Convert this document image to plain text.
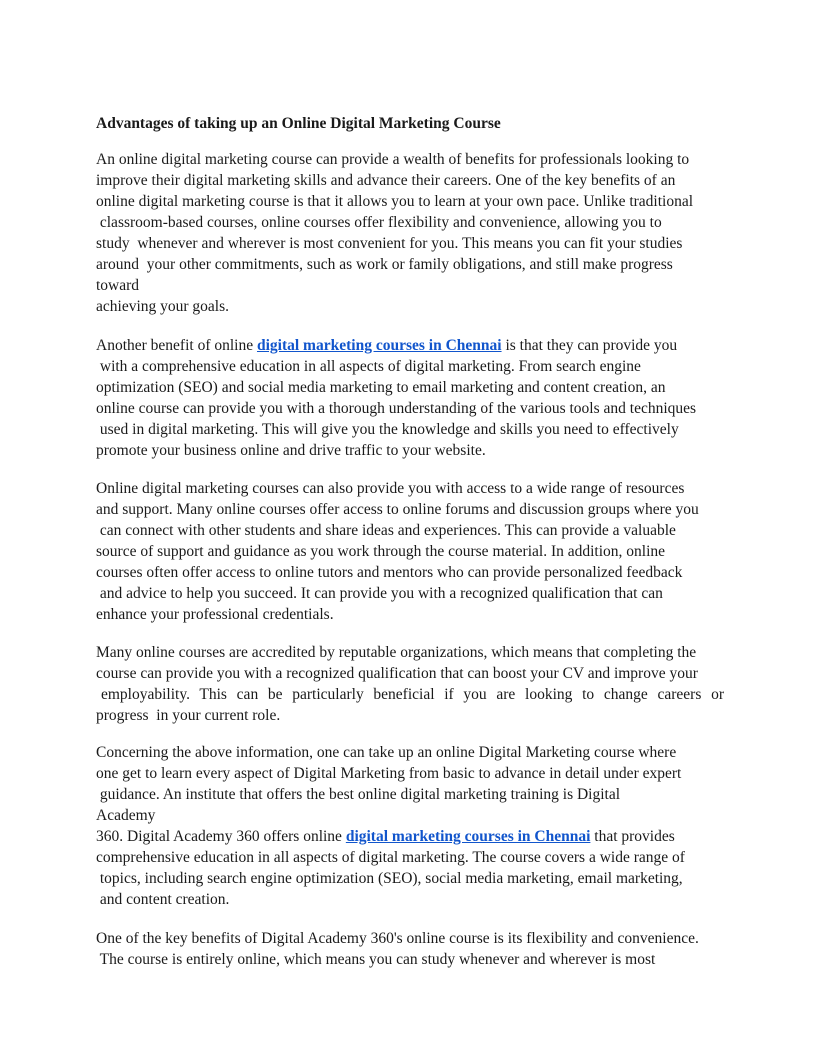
Advantages of taking up an Online Digital Marketing Course
An online digital marketing course can provide a wealth of benefits for professionals looking to
improve their digital marketing skills and advance their careers. One of the key benefits of an
online digital marketing course is that it allows you to learn at your own pace. Unlike traditional
classroom-based courses, online courses offer flexibility and convenience, allowing you to
study  whenever and wherever is most convenient for you. This means you can fit your studies
around  your other commitments, such as work or family obligations, and still make progress
toward
achieving your goals.
Another benefit of online digital marketing courses in Chennai is that they can provide you
with a comprehensive education in all aspects of digital marketing. From search engine
optimization (SEO) and social media marketing to email marketing and content creation, an
online course can provide you with a thorough understanding of the various tools and techniques
used in digital marketing. This will give you the knowledge and skills you need to effectively
promote your business online and drive traffic to your website.
Online digital marketing courses can also provide you with access to a wide range of resources
and support. Many online courses offer access to online forums and discussion groups where you
can connect with other students and share ideas and experiences. This can provide a valuable
source of support and guidance as you work through the course material. In addition, online
courses often offer access to online tutors and mentors who can provide personalized feedback
and advice to help you succeed. It can provide you with a recognized qualification that can
enhance your professional credentials.
Many online courses are accredited by reputable organizations, which means that completing the
course can provide you with a recognized qualification that can boost your CV and improve your
employability. This can be particularly beneficial if you are looking to change careers or
progress  in your current role.
Concerning the above information, one can take up an online Digital Marketing course where
one get to learn every aspect of Digital Marketing from basic to advance in detail under expert
guidance. An institute that offers the best online digital marketing training is Digital
Academy
360. Digital Academy 360 offers online digital marketing courses in Chennai that provides
comprehensive education in all aspects of digital marketing. The course covers a wide range of
topics, including search engine optimization (SEO), social media marketing, email marketing,
and content creation.
One of the key benefits of Digital Academy 360's online course is its flexibility and convenience.
The course is entirely online, which means you can study whenever and wherever is most
